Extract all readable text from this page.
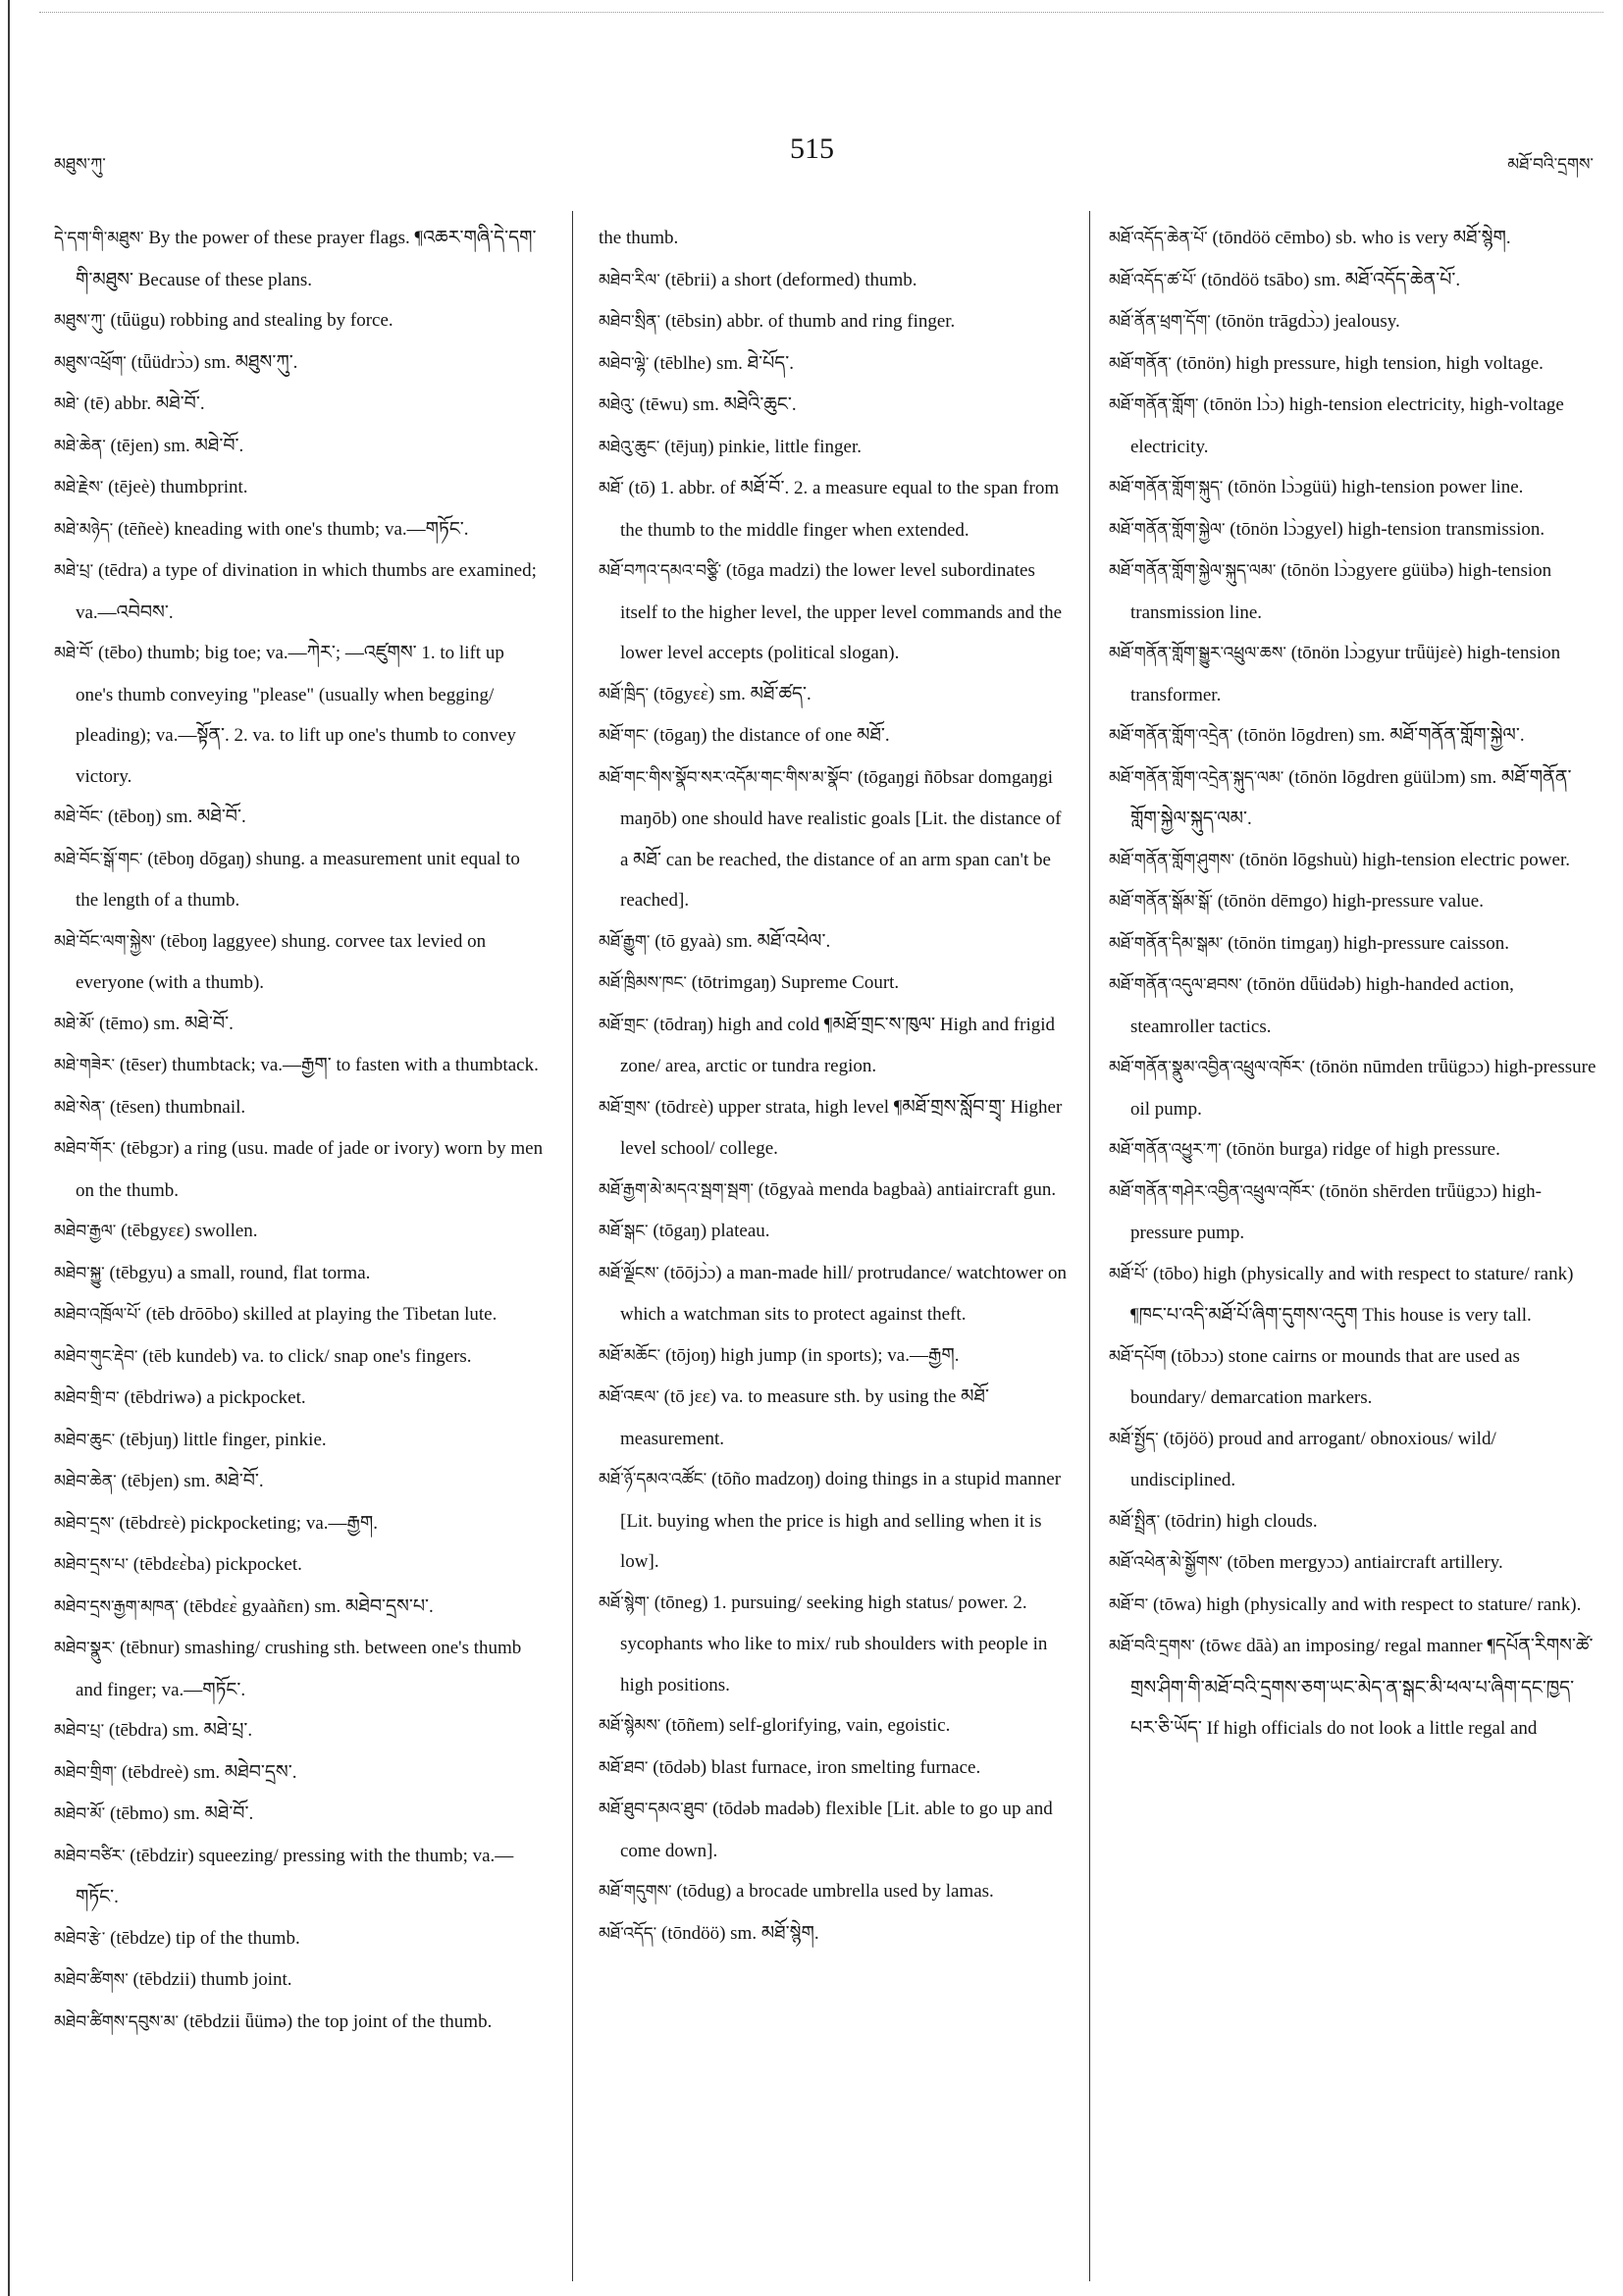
མཐུས་ཀུ་	515	མཐོ་བའི་དྲགས་

དེ་དག་གི་མཐུས་ By the power of these prayer flags. ¶འཆར་གཞི་དེ་དག་གི་མཐུས་ Because of these plans.

མཐུས་ཀུ་ (tǖügu) robbing and stealing by force.

མཐུས་འཕྲོག་ (tǖüdrɔ̀ɔ) sm. མཐུས་ཀུ་.

མཐེ་ (tē) abbr. མཐེ་བོ་.

མཐེ་ཆེན་ (tējen) sm. མཐེ་བོ་.

མཐེ་རྗེས་ (tējeè) thumbprint.

མཐེ་མཉེད་ (tēñeè) kneading with one's thumb; va.—གཏོང་.

མཐེ་པྲ་ (tēdra) a type of divination in which thumbs are examined; va.—འབེབས་.

མཐེ་བོ་ (tēbo) thumb; big toe; va.—ཀེར་; —འཛུགས་ 1. to lift up one's thumb conveying "please" (usually when begging/ pleading); va.—སྟོན་. 2. va. to lift up one's thumb to convey victory.

མཐེ་བོང་ (tēboŋ) sm. མཐེ་བོ་.

མཐེ་བོང་སྒོ་གང་ (tēboŋ dōgaŋ) shung. a measurement unit equal to the length of a thumb.

མཐེ་བོང་ལག་སྐྱེས་ (tēboŋ laggyee) shung. corvee tax levied on everyone (with a thumb).

མཐེ་མོ་ (tēmo) sm. མཐེ་བོ་.

མཐེ་གཟེར་ (tēser) thumbtack; va.—རྒྱག་ to fasten with a thumbtack.

མཐེ་སེན་ (tēsen) thumbnail.

མཐེབ་གོར་ (tēbgɔr) a ring (usu. made of jade or ivory) worn by men on the thumb.

མཐེབ་རྒྱལ་ (tēbgyɛɛ) swollen.

མཐེབ་སྐྱུ་ (tēbgyu) a small, round, flat torma.

མཐེབ་འཁྲོལ་པོ་ (tēb drōōbo) skilled at playing the Tibetan lute.

མཐེབ་གུང་རྡེབ་ (tēb kundeb) va. to click/ snap one's fingers.

མཐེབ་གྲི་བ་ (tēbdriwə) a pickpocket.

མཐེབ་ཆུང་ (tēbjuŋ) little finger, pinkie.

མཐེབ་ཆེན་ (tēbjen) sm. མཐེ་བོ་.

མཐེབ་དྲས་ (tēbdrɛè) pickpocketing; va.—རྒྱག.

མཐེབ་དྲས་པ་ (tēbdɛɛ̀ba) pickpocket.

མཐེབ་དྲས་རྒྱག་མཁན་ (tēbdɛɛ̀ gyaàñɛn) sm. མཐེབ་དྲས་པ་.

མཐེབ་སྣུར་ (tēbnur) smashing/ crushing sth. between one's thumb and finger; va.—གཏོང་.

མཐེབ་པྲ་ (tēbdra) sm. མཐེ་པྲ་.

མཐེབ་གྲིག་ (tēbdreè) sm. མཐེབ་དྲས་.

མཐེབ་མོ་ (tēbmo) sm. མཐེ་བོ་.

མཐེབ་བཙིར་ (tēbdzir) squeezing/ pressing with the thumb; va.—གཏོང་.

མཐེབ་རྩེ་ (tēbdze) tip of the thumb.

མཐེབ་ཚིགས་ (tēbdzii) thumb joint.

མཐེབ་ཚིགས་དབུས་མ་ (tēbdzii ǖümə) the top joint of the thumb.

the thumb.

མཐེབ་རིལ་ (tēbrii) a short (deformed) thumb.

མཐེབ་སྲིན་ (tēbsin) abbr. of thumb and ring finger.

མཐེབ་ལྷེ་ (tēblhe) sm. ཐེ་པོད་.

མཐེའུ་ (tēwu) sm. མཐེའི་ཆུང་.

མཐེའུ་ཆུང་ (tējuŋ) pinkie, little finger.

མཐོ་ (tō) 1. abbr. of མཐོ་བོ་. 2. a measure equal to the span from the thumb to the middle finger when extended.

མཐོ་བཀའ་དམའ་བཙྩི་ (tōga madzi) the lower level subordinates itself to the higher level, the upper level commands and the lower level accepts (political slogan).

མཐོ་ཁྲིད་ (tōgyɛɛ̀) sm. མཐོ་ཚད་.

མཐོ་གང་ (tōgaŋ) the distance of one མཐོ་.

མཐོ་གང་གིས་སྣོབ་སར་འདོམ་གང་གིས་མ་སྣོབ་ (tōgaŋgi ñōbsar domgaŋgi maŋōb) one should have realistic goals [Lit. the distance of a མཐོ་ can be reached, the distance of an arm span can't be reached].

མཐོ་རྒྱུག་ (tō gyaà) sm. མཐོ་འཕེལ་.

མཐོ་ཁྲིམས་ཁང་ (tōtrimgaŋ) Supreme Court.

མཐོ་གྲང་ (tōdraŋ) high and cold ¶མཐོ་གྲང་ས་ཁུལ་ High and frigid zone/ area, arctic or tundra region.

མཐོ་གྲས་ (tōdrɛè) upper strata, high level ¶མཐོ་གྲས་སློབ་གྲྭ་ Higher level school/ college.

མཐོ་རྒྱག་མེ་མདའ་སྦག་སྦག་ (tōgyaà menda bagbaà) antiaircraft gun.

མཐོ་སྒང་ (tōgaŋ) plateau.

མཐོ་ལྗོངས་ (tōōjɔ̀ɔ) a man-made hill/ protrudance/ watchtower on which a watchman sits to protect against theft.

མཐོ་མཆོང་ (tōjoŋ) high jump (in sports); va.—རྒྱག.

མཐོ་འཇལ་ (tō jɛɛ) va. to measure sth. by using the མཐོ་ measurement.

མཐོ་ཉོ་དམའ་འཚོང་ (tōño madzoŋ) doing things in a stupid manner [Lit. buying when the price is high and selling when it is low].

མཐོ་སྙེག་ (tōneg) 1. pursuing/ seeking high status/ power. 2. sycophants who like to mix/ rub shoulders with people in high positions.

མཐོ་སྙེམས་ (tōñem) self-glorifying, vain, egoistic.

མཐོ་ཐབ་ (tōdəb) blast furnace, iron smelting furnace.

མཐོ་ཐུབ་དམའ་ཐུབ་ (tōdəb madəb) flexible [Lit. able to go up and come down].

མཐོ་གདུགས་ (tōdug) a brocade umbrella used by lamas.

མཐོ་འདོད་ (tōndöö) sm. མཐོ་སྙེག.

མཐོ་འདོད་ཆེན་པོ་ (tōndöö cēmbo) sb. who is very མཐོ་སྙེག.

མཐོ་འདོད་ཚ་པོ་ (tōndöö tsābo) sm. མཐོ་འདོད་ཆེན་པོ་.

མཐོ་ནོན་ཕྲག་དོག་ (tōnön trāgdɔ̀ɔ) jealousy.

མཐོ་གནོན་ (tōnön) high pressure, high tension, high voltage.

མཐོ་གནོན་གློག་ (tōnön lɔ̀ɔ) high-tension electricity, high-voltage electricity.

མཐོ་གནོན་གློག་སྐུད་ (tōnön lɔ̀ɔgüü) high-tension power line.

མཐོ་གནོན་གློག་སྐྱེལ་ (tōnön lɔ̀ɔgyel) high-tension transmission.

མཐོ་གནོན་གློག་སྐྱེལ་སྐུད་ལམ་ (tōnön lɔ̀ɔgyere güübə) high-tension transmission line.

མཐོ་གནོན་གློག་སྒྱུར་འཕྲུལ་ཆས་ (tōnön lɔ̀ɔgyur trǖüjɛè) high-tension transformer.

མཐོ་གནོན་གློག་འདྲེན་ (tōnön lōgdren) sm. མཐོ་གནོན་གློག་སྐྱེལ་.

མཐོ་གནོན་གློག་འདྲེན་སྐུད་ལམ་ (tōnön lōgdren güülɔm) sm. མཐོ་གནོན་གློག་སྐྱེལ་སྐུད་ལམ་.

མཐོ་གནོན་གློག་ཤུགས་ (tōnön lōgshuù) high-tension electric power.

མཐོ་གནོན་སྒོམ་སྒོ་ (tōnön dēmgo) high-pressure value.

མཐོ་གནོན་དིམ་སྒམ་ (tōnön timgaŋ) high-pressure caisson.

མཐོ་གནོན་འདུལ་ཐབས་ (tōnön dǖüdəb) high-handed action, steamroller tactics.

མཐོ་གནོན་སྣུམ་འབྱིན་འཕྲུལ་འཁོར་ (tōnön nūmden trǖügɔɔ) high-pressure oil pump.

མཐོ་གནོན་འཕྱུར་ཀ་ (tōnön burga) ridge of high pressure.

མཐོ་གནོན་གཤེར་འབྱིན་འཕྲུལ་འཁོར་ (tōnön shērden trǖügɔɔ) high-pressure pump.

མཐོ་པོ་ (tōbo) high (physically and with respect to stature/ rank) ¶ཁང་པ་འདི་མཐོ་པོ་ཞིག་དུགས་འདུག This house is very tall.

མཐོ་དཔོག (tōbɔɔ) stone cairns or mounds that are used as boundary/ demarcation markers.

མཐོ་སྤྱོད་ (tōjöö) proud and arrogant/ obnoxious/ wild/ undisciplined.

མཐོ་སྤྲིན་ (tōdrin) high clouds.

མཐོ་འཕེན་མེ་སྒྱོགས་ (tōben mergyɔɔ) antiaircraft artillery.

མཐོ་བ་ (tōwa) high (physically and with respect to stature/ rank).

མཐོ་བའི་དྲགས་ (tōwɛ dāà) an imposing/ regal manner ¶དཔོན་རིགས་ཚེ་གྲས་ཤིག་གི་མཐོ་བའི་དྲགས་ཅག་ཡང་མེད་ན་སྒང་མི་ཕལ་པ་ཞིག་དང་ཁྱད་པར་ཅི་ཡོད་ If high officials do not look a little regal and
